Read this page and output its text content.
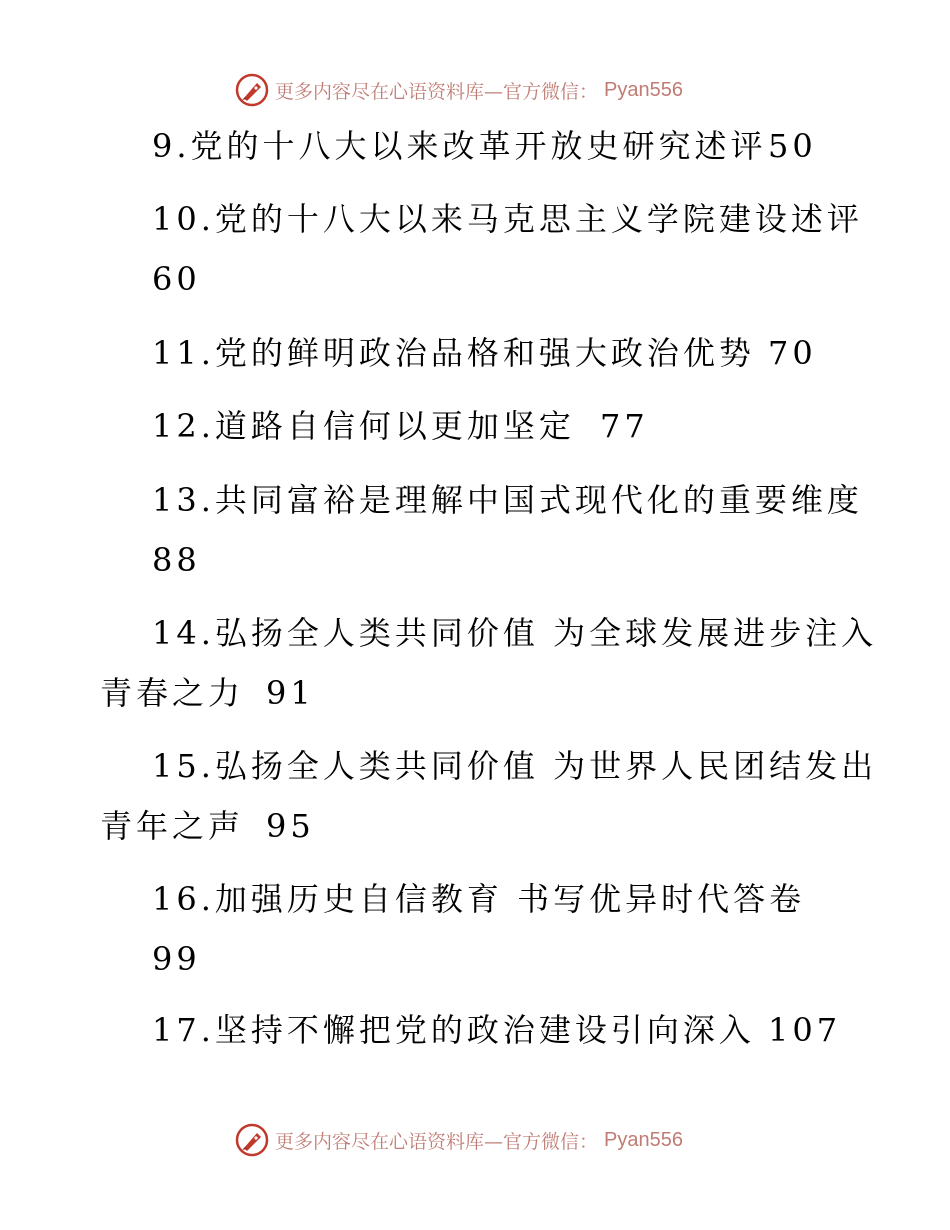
更多内容尽在心语资料库—官方微信： Pyan556
9.党的十八大以来改革开放史研究述评 50
10.党的十八大以来马克思主义学院建设述评
60
11.党的鲜明政治品格和强大政治优势 70
12.道路自信何以更加坚定 77
13.共同富裕是理解中国式现代化的重要维度
88
14.弘扬全人类共同价值 为全球发展进步注入
青春之力 91
15.弘扬全人类共同价值 为世界人民团结发出
青年之声 95
16.加强历史自信教育 书写优异时代答卷
99
17.坚持不懈把党的政治建设引向深入 107
更多内容尽在心语资料库—官方微信： Pyan556
